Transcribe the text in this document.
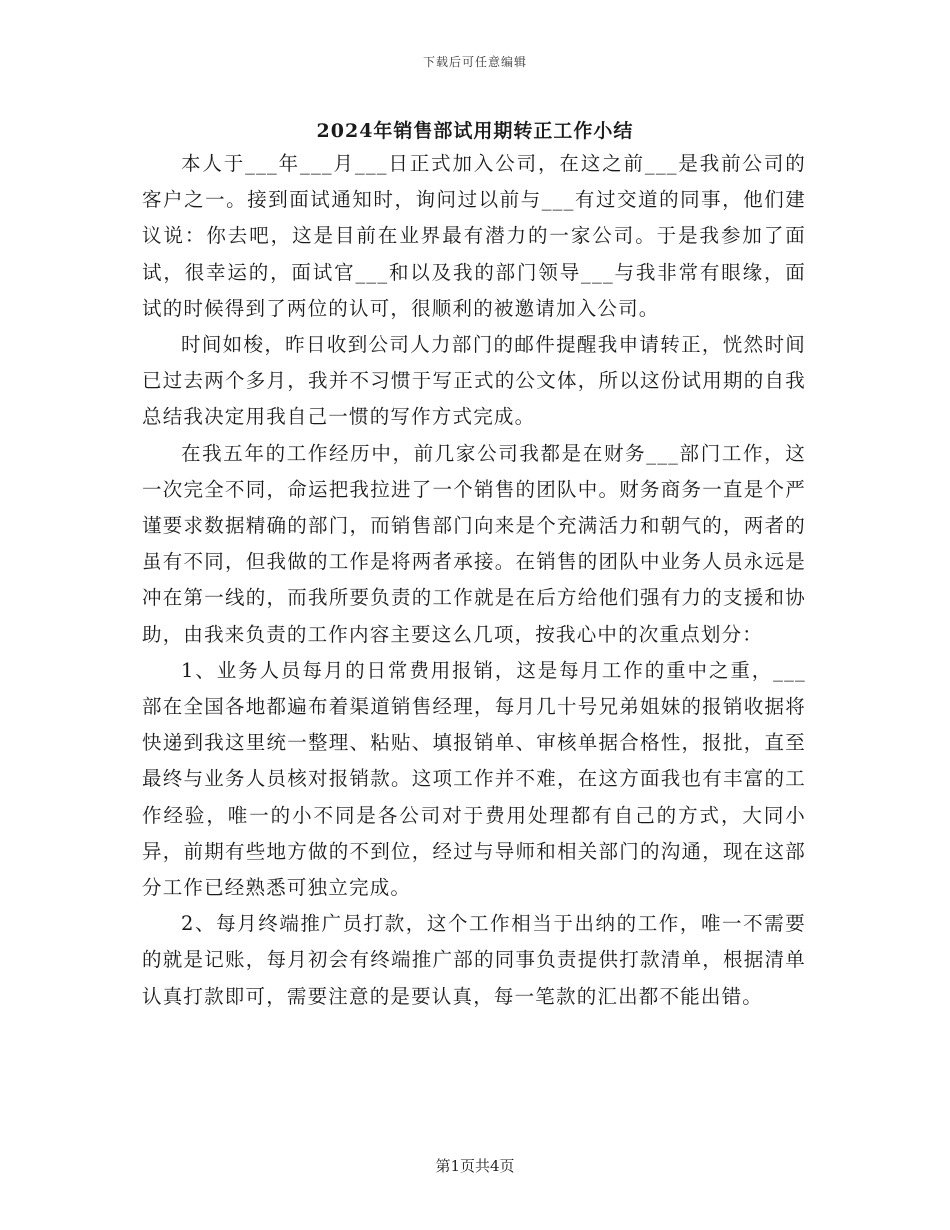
下载后可任意编辑
2024年销售部试用期转正工作小结

本人于___年___月___日正式加入公司，在这之前___是我前公司的客户之一。接到面试通知时，询问过以前与___有过交道的同事，他们建议说：你去吧，这是目前在业界最有潜力的一家公司。于是我参加了面试，很幸运的，面试官___和以及我的部门领导___与我非常有眼缘，面试的时候得到了两位的认可，很顺利的被邀请加入公司。

时间如梭，昨日收到公司人力部门的邮件提醒我申请转正，恍然时间已过去两个多月，我并不习惯于写正式的公文体，所以这份试用期的自我总结我决定用我自己一惯的写作方式完成。

在我五年的工作经历中，前几家公司我都是在财务___部门工作，这一次完全不同，命运把我拉进了一个销售的团队中。财务商务一直是个严谨要求数据精确的部门，而销售部门向来是个充满活力和朝气的，两者的虽有不同，但我做的工作是将两者承接。在销售的团队中业务人员永远是冲在第一线的，而我所要负责的工作就是在后方给他们强有力的支援和协助，由我来负责的工作内容主要这么几项，按我心中的次重点划分：

1、业务人员每月的日常费用报销，这是每月工作的重中之重，___部在全国各地都遍布着渠道销售经理，每月几十号兄弟姐妹的报销收据将快递到我这里统一整理、粘贴、填报销单、审核单据合格性，报批，直至最终与业务人员核对报销款。这项工作并不难，在这方面我也有丰富的工作经验，唯一的小不同是各公司对于费用处理都有自己的方式，大同小异，前期有些地方做的不到位，经过与导师和相关部门的沟通，现在这部分工作已经熟悉可独立完成。

2、每月终端推广员打款，这个工作相当于出纳的工作，唯一不需要的就是记账，每月初会有终端推广部的同事负责提供打款清单，根据清单认真打款即可，需要注意的是要认真，每一笔款的汇出都不能出错。

第1页共4页
